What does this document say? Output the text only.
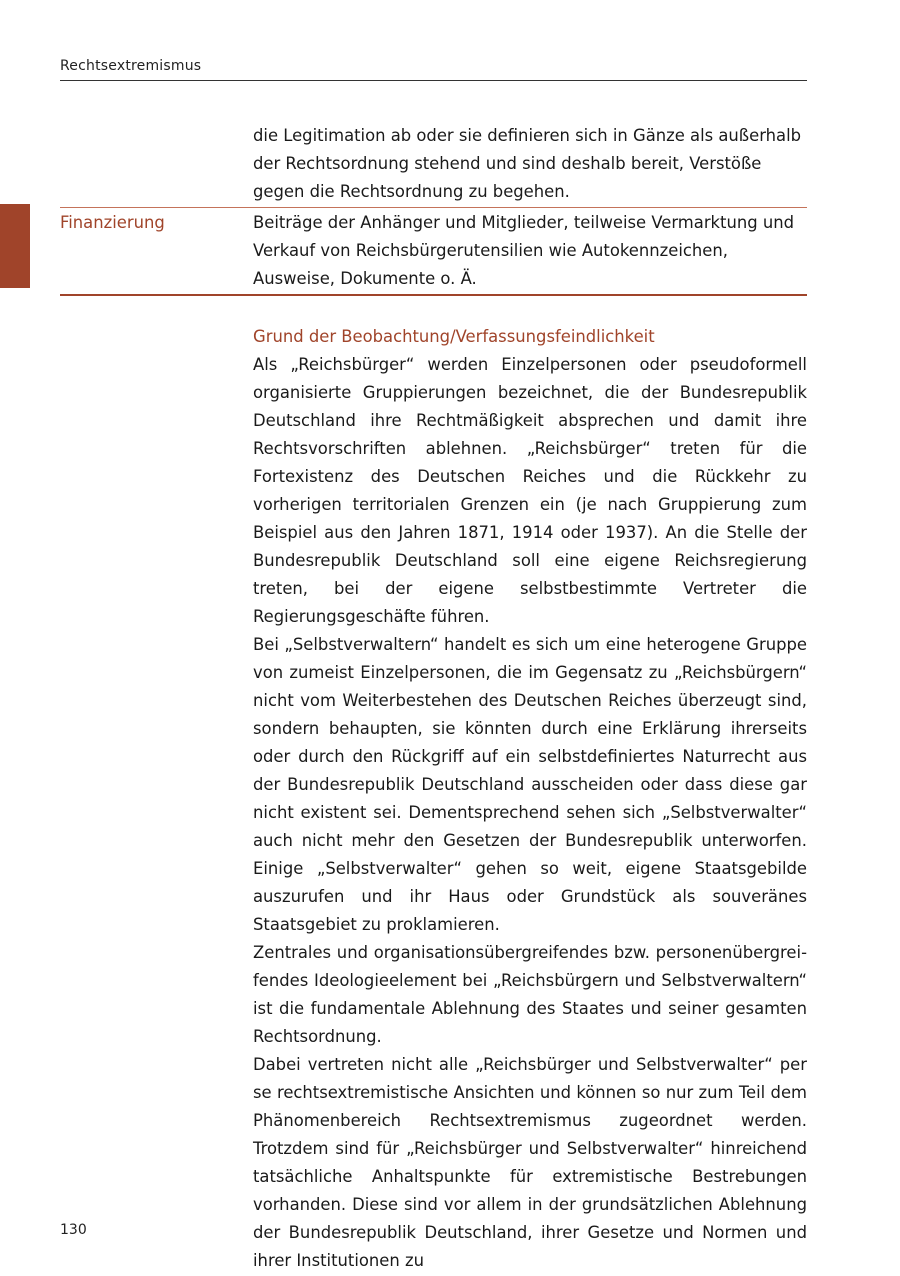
Rechtsextremismus
die Legitimation ab oder sie definieren sich in Gänze als außerhalb der Rechtsordnung stehend und sind deshalb bereit, Verstöße gegen die Rechtsordnung zu begehen.
Finanzierung	Beiträge der Anhänger und Mitglieder, teilweise Vermarktung und Verkauf von Reichsbürgerutensilien wie Autokennzeichen, Ausweise, Dokumente o. Ä.
Grund der Beobachtung/Verfassungsfeindlichkeit

Als „Reichsbürger“ werden Einzelpersonen oder pseudoformell organisierte Gruppierungen bezeichnet, die der Bundesrepublik Deutschland ihre Rechtmäßigkeit absprechen und damit ihre Rechtsvorschriften ablehnen. „Reichsbürger“ treten für die Fortexistenz des Deutschen Reiches und die Rückkehr zu vorherigen territorialen Grenzen ein (je nach Gruppierung zum Beispiel aus den Jahren 1871, 1914 oder 1937). An die Stelle der Bundesrepublik Deutschland soll eine eigene Reichsregierung treten, bei der eigene selbstbestimmte Vertreter die Regierungsgeschäfte führen.

Bei „Selbstverwaltern“ handelt es sich um eine heterogene Gruppe von zumeist Einzelpersonen, die im Gegensatz zu „Reichsbürgern“ nicht vom Weiterbestehen des Deutschen Reiches überzeugt sind, sondern behaupten, sie könnten durch eine Erklärung ihrerseits oder durch den Rückgriff auf ein selbstdefiniertes Naturrecht aus der Bundesrepublik Deutschland ausscheiden oder dass diese gar nicht existent sei. Dementsprechend sehen sich „Selbstverwalter“ auch nicht mehr den Gesetzen der Bundesrepublik unterworfen. Einige „Selbstverwalter“ gehen so weit, eigene Staatsgebilde auszurufen und ihr Haus oder Grundstück als souveränes Staatsgebiet zu proklamieren.

Zentrales und organisationsübergreifendes bzw. personenübergreifendes Ideologieelement bei „Reichsbürgern und Selbstverwaltern“ ist die fundamentale Ablehnung des Staates und seiner gesamten Rechtsordnung.

Dabei vertreten nicht alle „Reichsbürger und Selbstverwalter“ per se rechtsextremistische Ansichten und können so nur zum Teil dem Phänomenbereich Rechtsextremismus zugeordnet werden. Trotzdem sind für „Reichsbürger und Selbstverwalter“ hinreichend tatsächliche Anhaltspunkte für extremistische Bestrebungen vorhanden. Diese sind vor allem in der grundsätzlichen Ablehnung der Bundesrepublik Deutschland, ihrer Gesetze und Normen und ihrer Institutionen zu

130
